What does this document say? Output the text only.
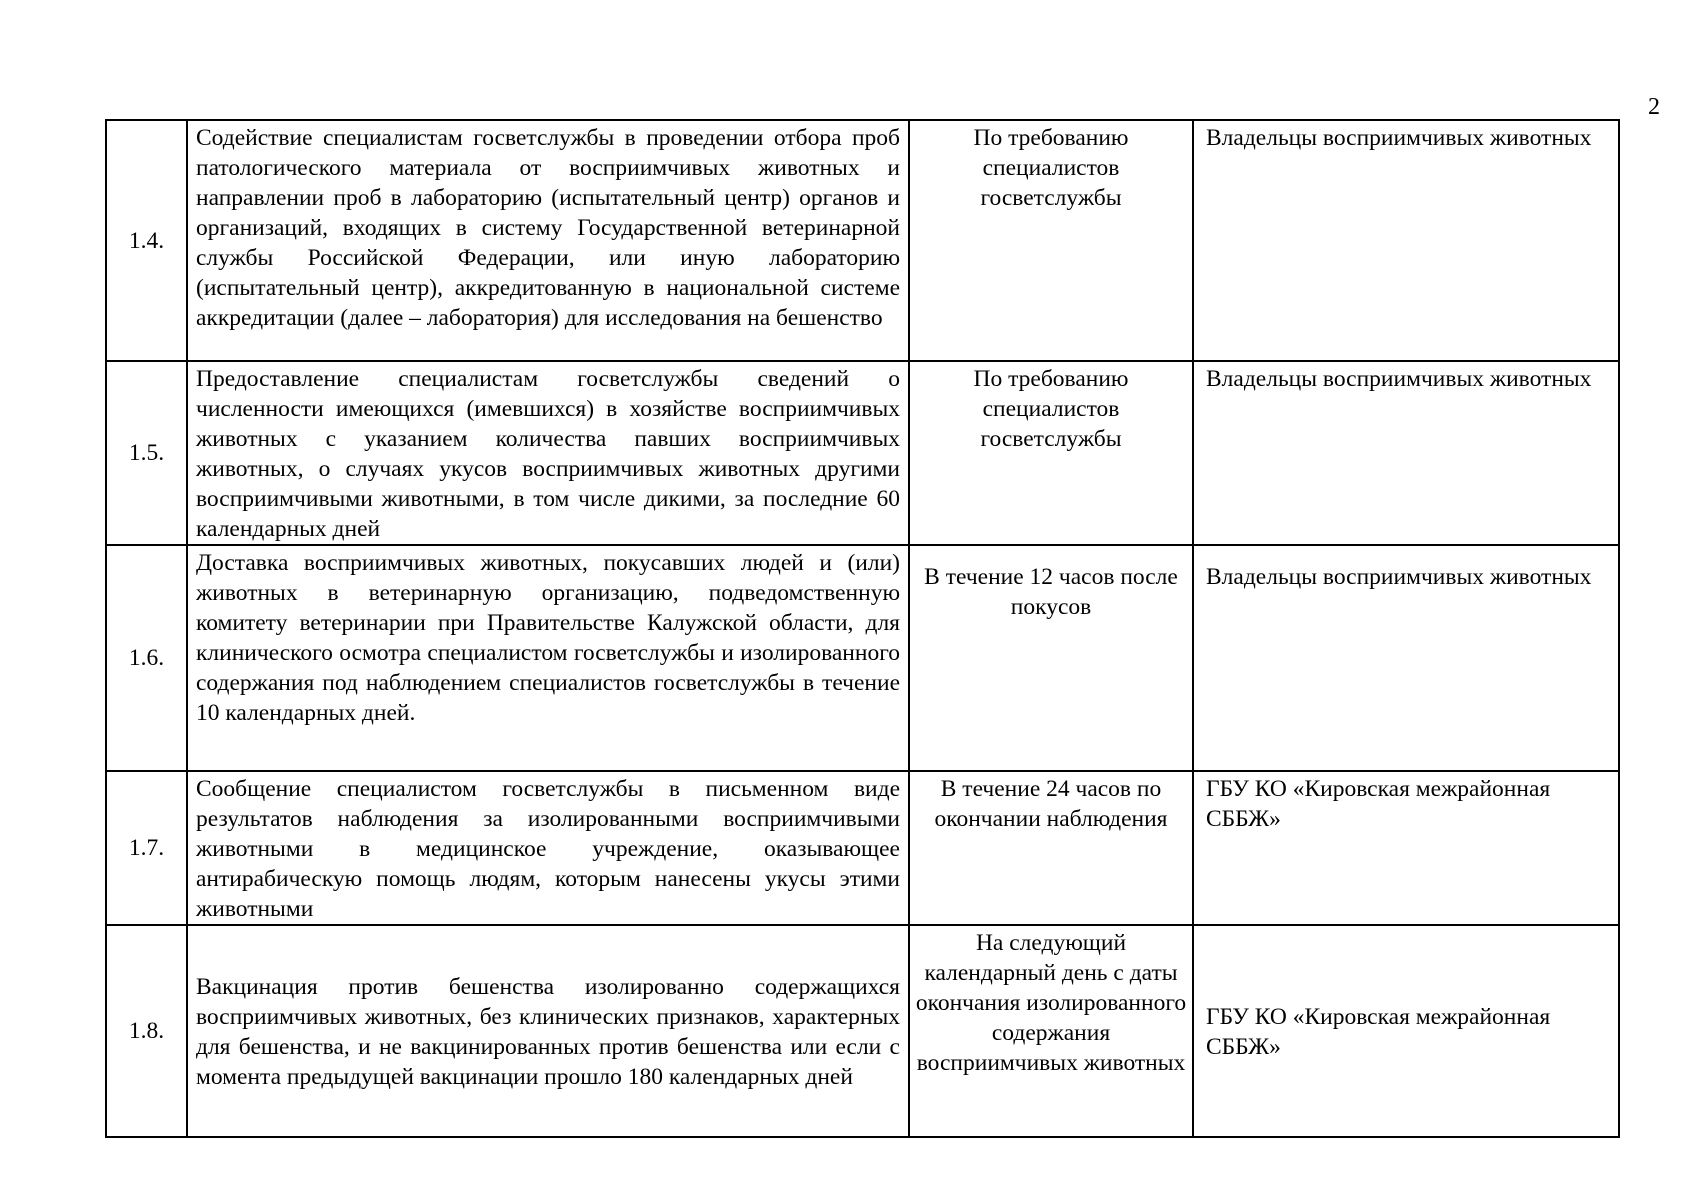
2
1.4.	Содействие специалистам госветслужбы в проведении отбора проб патологического материала от восприимчивых животных и направлении проб в лабораторию (испытательный центр) органов и организаций, входящих в систему Государственной ветеринарной службы Российской Федерации, или иную лабораторию (испытательный центр), аккредитованную в национальной системе аккредитации (далее – лаборатория) для исследования на бешенство	По требованию специалистов госветслужбы	Владельцы восприимчивых животных
1.5.	Предоставление специалистам госветслужбы сведений о численности имеющихся (имевшихся) в хозяйстве восприимчивых животных с указанием количества павших восприимчивых животных, о случаях укусов восприимчивых животных другими восприимчивыми животными, в том числе дикими, за последние 60 календарных дней	По требованию специалистов госветслужбы	Владельцы восприимчивых животных
1.6.	Доставка восприимчивых животных, покусавших людей и (или) животных в ветеринарную организацию, подведомственную комитету ветеринарии при Правительстве Калужской области, для клинического осмотра специалистом госветслужбы и изолированного содержания под наблюдением специалистов госветслужбы в течение 10 календарных дней.	В течение 12 часов после покусов	Владельцы восприимчивых животных
1.7.	Сообщение специалистом госветслужбы в письменном виде результатов наблюдения за изолированными восприимчивыми животными в медицинское учреждение, оказывающее антирабическую помощь людям, которым нанесены укусы этими животными	В течение 24 часов по окончании наблюдения	ГБУ КО «Кировская межрайонная СББЖ»
1.8.	Вакцинация против бешенства изолированно содержащихся восприимчивых животных, без клинических признаков, характерных для бешенства, и не вакцинированных против бешенства или если с момента предыдущей вакцинации прошло 180 календарных дней	На следующий календарный день с даты окончания изолированного содержания восприимчивых животных	ГБУ КО «Кировская межрайонная СББЖ»
